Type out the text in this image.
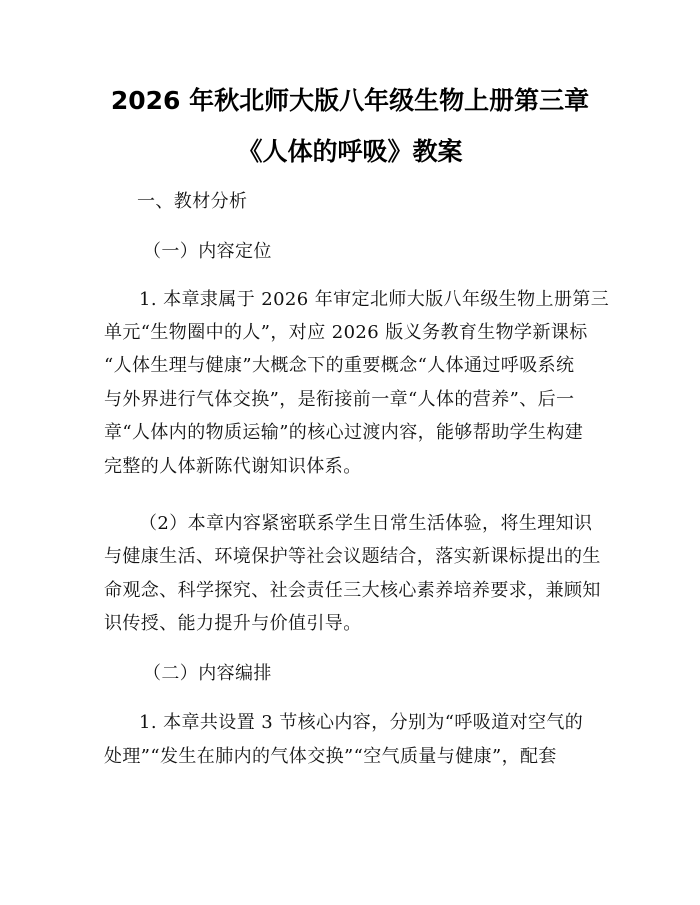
2026 年秋北师大版八年级生物上册第三章
《人体的呼吸》教案
一、教材分析
（一）内容定位
1. 本章隶属于 2026 年审定北师大版八年级生物上册第三
单元“生物圈中的人”，对应 2026 版义务教育生物学新课标
“人体生理与健康”大概念下的重要概念“人体通过呼吸系统
与外界进行气体交换”，是衔接前一章“人体的营养”、后一
章“人体内的物质运输”的核心过渡内容，能够帮助学生构建
完整的人体新陈代谢知识体系。
（2）本章内容紧密联系学生日常生活体验，将生理知识
与健康生活、环境保护等社会议题结合，落实新课标提出的生
命观念、科学探究、社会责任三大核心素养培养要求，兼顾知
识传授、能力提升与价值引导。
（二）内容编排
1. 本章共设置 3 节核心内容，分别为“呼吸道对空气的
处理”“发生在肺内的气体交换”“空气质量与健康”，配套
